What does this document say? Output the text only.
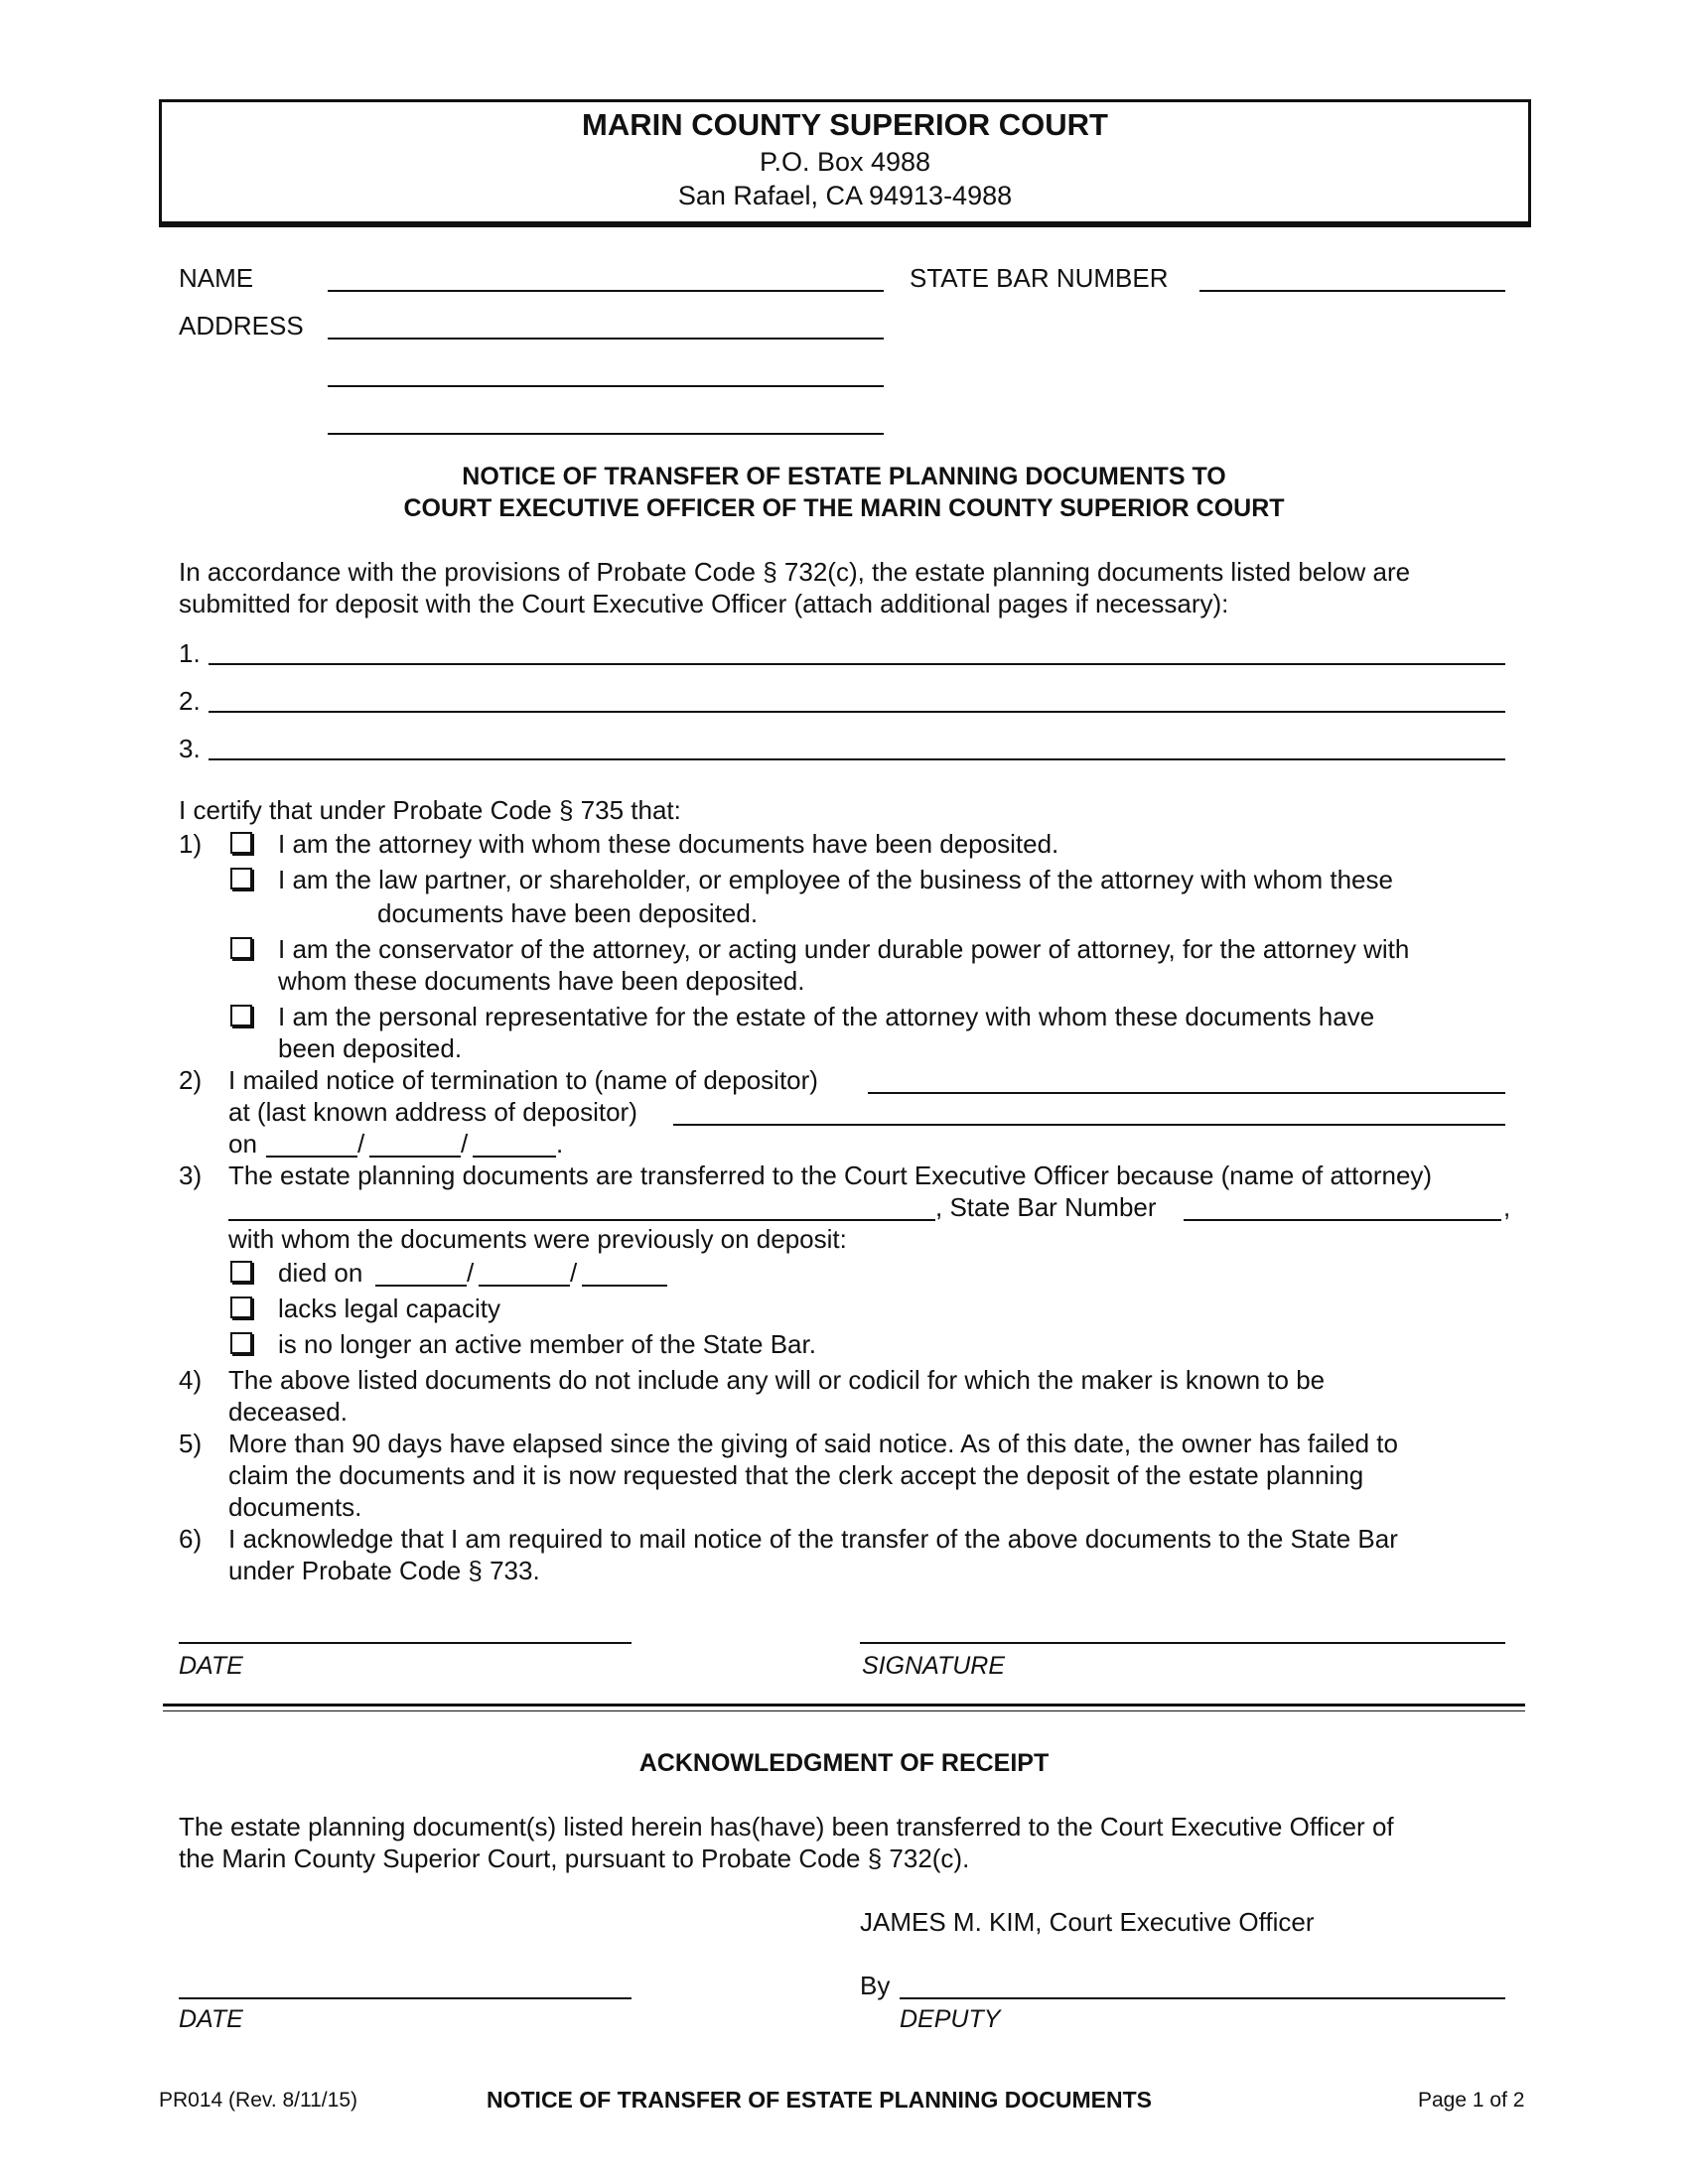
MARIN COUNTY SUPERIOR COURT
P.O. Box 4988
San Rafael, CA 94913-4988
NAME	STATE BAR NUMBER
ADDRESS
NOTICE OF TRANSFER OF ESTATE PLANNING DOCUMENTS TO
COURT EXECUTIVE OFFICER OF THE MARIN COUNTY SUPERIOR COURT
In accordance with the provisions of Probate Code § 732(c), the estate planning documents listed below are
submitted for deposit with the Court Executive Officer (attach additional pages if necessary):
1.
2.
3.
I certify that under Probate Code § 735 that:
1)	I am the attorney with whom these documents have been deposited.
I am the law partner, or shareholder, or employee of the business of the attorney with whom these
documents have been deposited.
I am the conservator of the attorney, or acting under durable power of attorney, for the attorney with
whom these documents have been deposited.
I am the personal representative for the estate of the attorney with whom these documents have
been deposited.
2) I mailed notice of termination to (name of depositor)
at (last known address of depositor)
on	/	/	.
3) The estate planning documents are transferred to the Court Executive Officer because (name of attorney)
, State Bar Number	,
with whom the documents were previously on deposit:
died on	/	/
lacks legal capacity
is no longer an active member of the State Bar.
4) The above listed documents do not include any will or codicil for which the maker is known to be
deceased.
5) More than 90 days have elapsed since the giving of said notice. As of this date, the owner has failed to
claim the documents and it is now requested that the clerk accept the deposit of the estate planning
documents.
6) I acknowledge that I am required to mail notice of the transfer of the above documents to the State Bar
under Probate Code § 733.
DATE	SIGNATURE
ACKNOWLEDGMENT OF RECEIPT
The estate planning document(s) listed herein has(have) been transferred to the Court Executive Officer of
the Marin County Superior Court, pursuant to Probate Code § 732(c).
JAMES M. KIM, Court Executive Officer
By
DATE	DEPUTY
PR014 (Rev. 8/11/15)	NOTICE OF TRANSFER OF ESTATE PLANNING DOCUMENTS	Page 1 of 2
